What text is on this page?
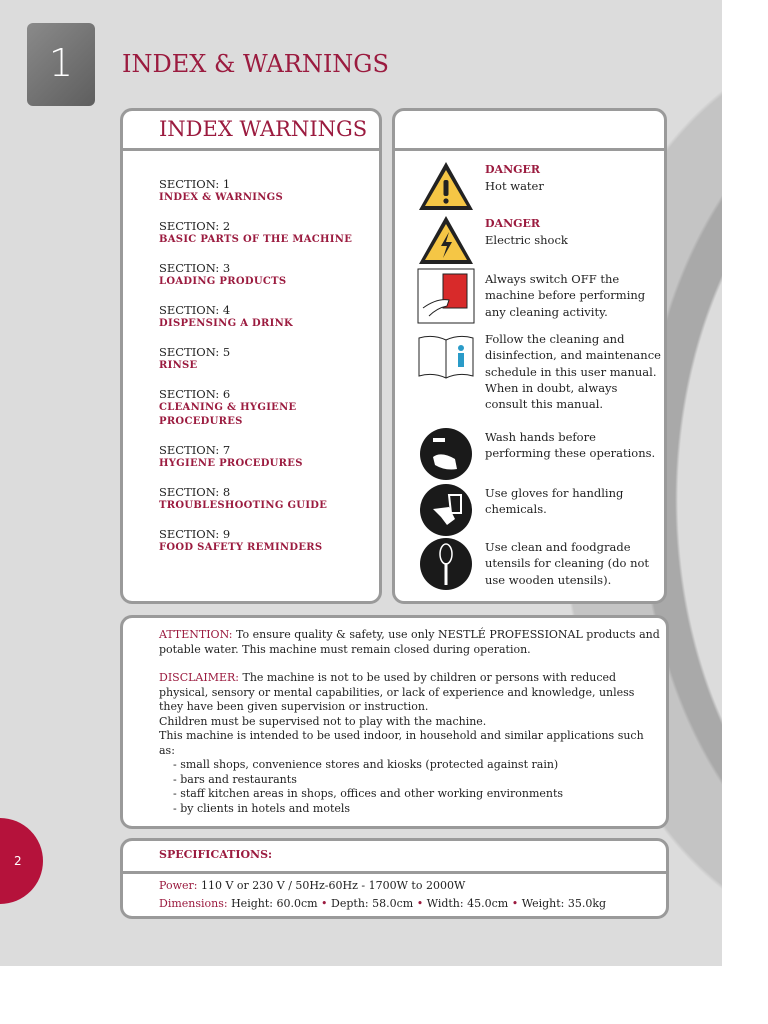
1	INDEX & WARNINGS
INDEX WARNINGS
SECTION: 1
INDEX & WARNINGS
SECTION: 2
BASIC PARTS OF THE MACHINE
SECTION: 3
LOADING PRODUCTS
SECTION: 4
DISPENSING A DRINK
SECTION: 5
RINSE
SECTION: 6
CLEANING & HYGIENE PROCEDURES
SECTION: 7
HYGIENE PROCEDURES
SECTION: 8
TROUBLESHOOTING GUIDE
SECTION: 9
FOOD SAFETY REMINDERS
DANGER
Hot water
DANGER
Electric shock
Always switch OFF the machine before performing any cleaning activity.
Follow the cleaning and disinfection, and maintenance schedule in this user manual. When in doubt, always consult this manual.
Wash hands before performing these operations.
Use gloves for handling chemicals.
Use clean and foodgrade utensils for cleaning (do not use wooden utensils).

ATTENTION: To ensure quality & safety, use only NESTLÉ PROFESSIONAL products and potable water. This machine must remain closed during operation.

DISCLAIMER: The machine is not to be used by children or persons with reduced physical, sensory or mental capabilities, or lack of experience and knowledge, unless they have been given supervision or instruction.

Children must be supervised not to play with the machine.

This machine is intended to be used indoor, in household and similar applications such as:

- small shops, convenience stores and kiosks (protected against rain)

- bars and restaurants

- staff kitchen areas in shops, offices and other working environments

- by clients in hotels and motels

SPECIFICATIONS:

Power: 110 V or 230 V / 50Hz-60Hz - 1700W to 2000W

Dimensions: Height: 60.0cm • Depth: 58.0cm • Width: 45.0cm • Weight: 35.0kg

2
